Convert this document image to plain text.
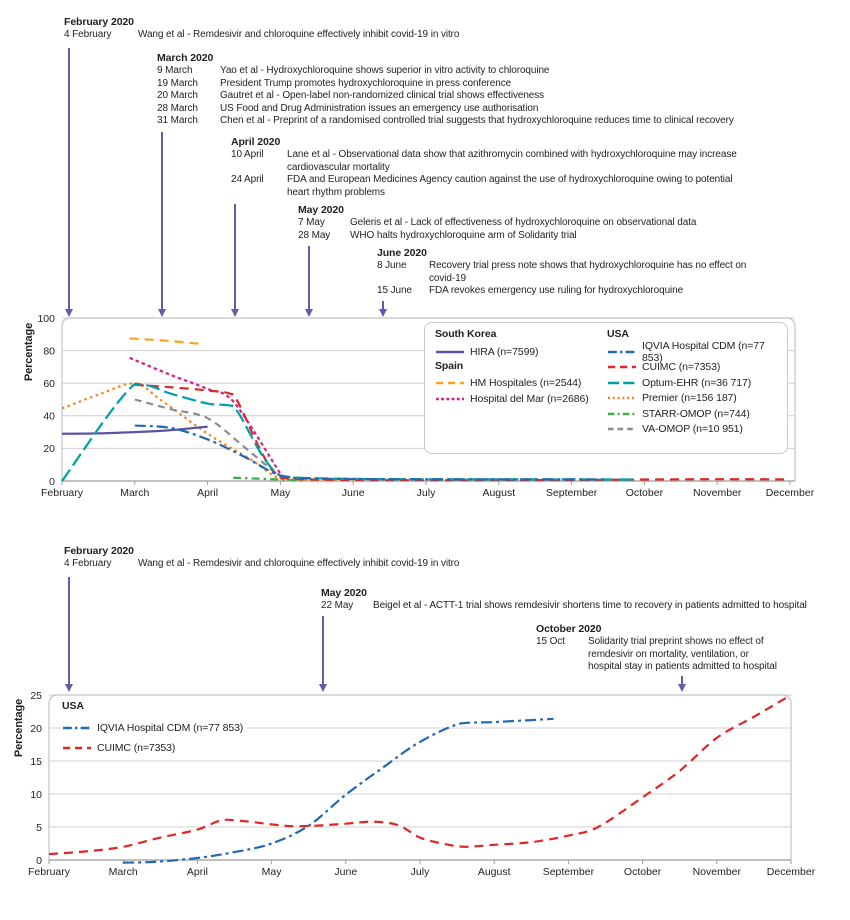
0
20
40
60
80
100
February	March	April	May	June	July	August	September	October	November December
0
5
10
15
20
25
February	March	April	May	June	July	August	September	October	November December
Percentage
Percentage
February 2020
4 February	Wang et al - Remdesivir and chloroquine effectively inhibit covid-19 in vitro
March 2020
9 March	Yao et al - Hydroxychloroquine shows superior in vitro activity to chloroquine
19 March President Trump promotes hydroxychloroquine in press conference
20 March Gautret et al - Open-label non-randomized clinical trial shows effectiveness
28 March US Food and Drug Administration issues an emergency use authorisation
31 March Chen et al - Preprint of a randomised controlled trial suggests that hydroxychloroquine reduces time to clinical recovery
April 2020
10 April Lane et al - Observational data show that azithromycin combined with hydroxychloroquine may increase
cardiovascular mortality
24 April FDA and European Medicines Agency caution against the use of hydroxychloroquine owing to potential
heart rhythm problems
May 2020
7 May	Geleris et al - Lack of effectiveness of hydroxychloroquine on observational data
28 May WHO halts hydroxychloroquine arm of Solidarity trial
June 2020
8 June Recovery trial press note shows that hydroxychloroquine has no effect on
covid-19
15 June FDA revokes emergency use ruling for hydroxychloroquine
February 2020
4 February	Wang et al - Remdesivir and chloroquine effectively inhibit covid-19 in vitro
May 2020
22 May Beigel et al - ACTT-1 trial shows remdesivir shortens time to recovery in patients admitted to hospital
October 2020
15 Oct Solidarity trial preprint shows no effect of
remdesivir on mortality, ventilation, or
hospital stay in patients admitted to hospital
South Korea
HIRA (n=7599)
Spain
HM Hospitales (n=2544)
Hospital del Mar (n=2686)
USA
IQVIA Hospital CDM (n=77 853)
CUIMC (n=7353)
Optum-EHR (n=36 717)
Premier (n=156 187)
STARR-OMOP (n=744)
VA-OMOP (n=10 951)
USA
IQVIA Hospital CDM (n=77 853)
CUIMC (n=7353)
